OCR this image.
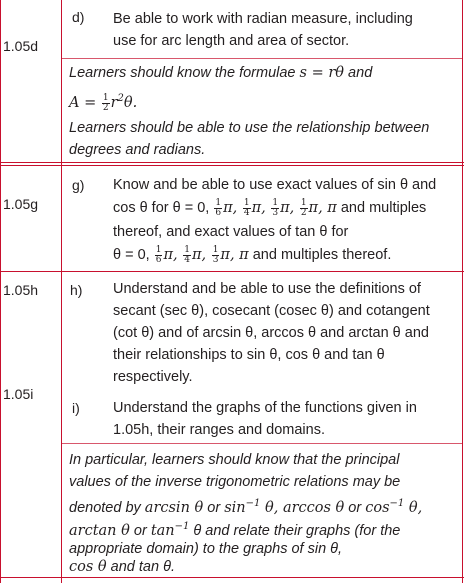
1.05d
d) Be able to work with radian measure, including
use for arc length and area of sector.
Learners should know the formulae s = rθ and
$A = \frac{1}{2} r^2\theta$.
Learners should be able to use the relationship between
degrees and radians.
1.05g
g) Know and be able to use exact values of sin θ and
cos θ for θ = 0, $\frac{1}{6} \pi$, $\frac{1}{4} \pi$, $\frac{1}{3} \pi$, $\frac{1}{2} \pi$, π and multiples
thereof, and exact values of tan θ for
θ = 0, $\frac{1}{6} \pi$, $\frac{1}{4} \pi$, $\frac{1}{3} \pi$, π and multiples thereof.
1.05h h) Understand and be able to use the definitions of
secant (sec θ), cosecant (cosec θ) and cotangent
(cot θ) and of arcsin θ, arccos θ and arctan θ and
their relationships to sin θ, cos θ and tan θ
respectively.
1.05i
i) Understand the graphs of the functions given in
1.05h, their ranges and domains.
In particular, learners should know that the principal
values of the inverse trigonometric relations may be
denoted by arcsin θ or $\sin^{-1} \theta$, arccos θ or $\cos^{-1} \theta$,
arctan θ or $\tan^{-1} \theta$ and relate their graphs (for the
appropriate domain) to the graphs of sin θ,
cos θ and tan θ.
